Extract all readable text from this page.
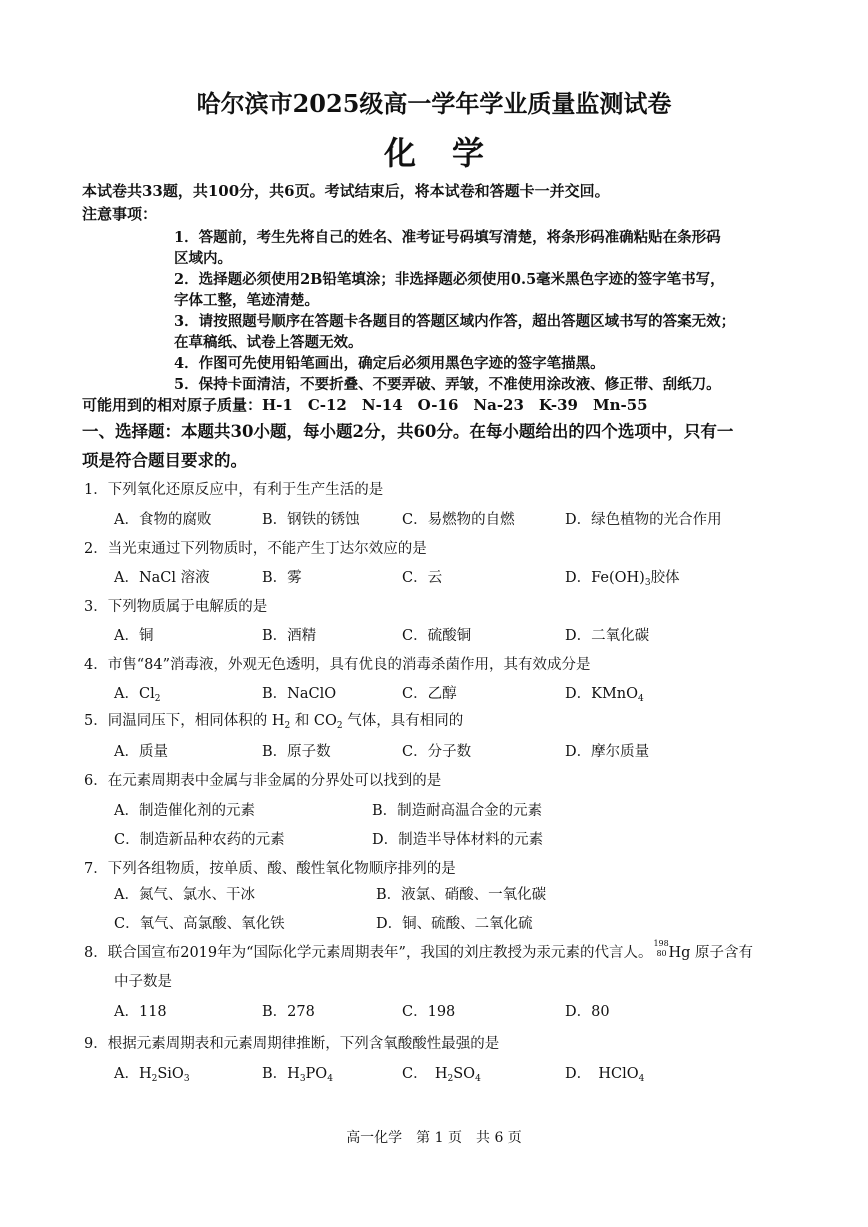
哈尔滨市2025级高一学年学业质量监测试卷
化学
本试卷共33题，共100分，共6页。考试结束后，将本试卷和答题卡一并交回。
注意事项：
1．答题前，考生先将自己的姓名、准考证号码填写清楚，将条形码准确粘贴在条形码
区域内。
2．选择题必须使用2B铅笔填涂；非选择题必须使用0.5毫米黑色字迹的签字笔书写，
字体工整，笔迹清楚。
3．请按照题号顺序在答题卡各题目的答题区域内作答，超出答题区域书写的答案无效；
在草稿纸、试卷上答题无效。
4．作图可先使用铅笔画出，确定后必须用黑色字迹的签字笔描黑。
5．保持卡面清洁，不要折叠、不要弄破、弄皱，不准使用涂改液、修正带、刮纸刀。
可能用到的相对原子质量：H-1　C-12　N-14　O-16　Na-23　K-39　Mn-55
一、选择题：本题共30小题，每小题2分，共60分。在每小题给出的四个选项中，只有一
项是符合题目要求的。
1．下列氧化还原反应中，有利于生产生活的是
A．食物的腐败	B．钢铁的锈蚀	C．易燃物的自燃	D．绿色植物的光合作用
2．当光束通过下列物质时，不能产生丁达尔效应的是
A．NaCl 溶液	B．雾	C．云	D．$Fe(OH)_3$胶体
3．下列物质属于电解质的是
A．铜	B．酒精	C．硫酸铜	D．二氧化碳
4．市售“84”消毒液，外观无色透明，具有优良的消毒杀菌作用，其有效成分是
A．$Cl_2$	B．NaClO	C．乙醇	D．KMnO$_4$
5．同温同压下，相同体积的 $H_2$ 和 $CO_2$ 气体，具有相同的
A．质量	B．原子数	C．分子数	D．摩尔质量
6．在元素周期表中金属与非金属的分界处可以找到的是
A．制造催化剂的元素	B．制造耐高温合金的元素
C．制造新品种农药的元素	D．制造半导体材料的元素
7．下列各组物质，按单质、酸、酸性氧化物顺序排列的是
A．氮气、氯水、干冰	B．液氯、硝酸、一氧化碳
C．氧气、高氯酸、氧化铁	D．铜、硫酸、二氧化硫
8．联合国宣布2019年为“国际化学元素周期表年”，我国的刘庄教授为汞元素的代言人。
198
80 Hg 原子含有
中子数是
A．118	B．278	C．198	D．80
9．根据元素周期表和元素周期律推断，下列含氧酸酸性最强的是
A．$H_2SiO_3$	B．$H_3PO_4$	C．　$H_2SO_4$	D．　HClO$_4$
高一化学　第 1 页　共 6 页
